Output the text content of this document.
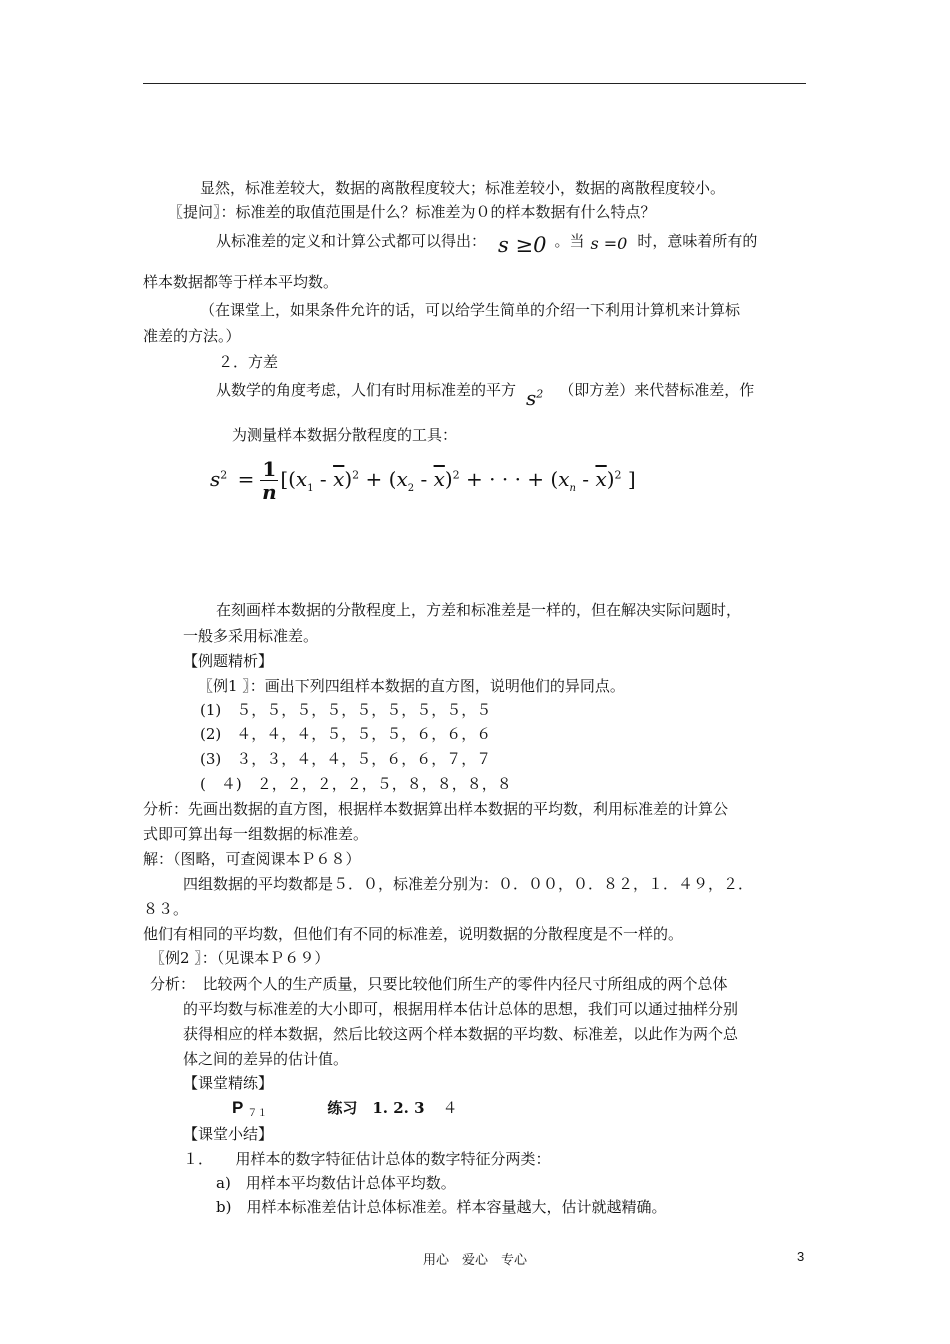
显然，标准差较大，数据的离散程度较大；标准差较小，数据的离散程度较小。
〖提问〗：标准差的取值范围是什么？标准差为０的样本数据有什么特点？
从标准差的定义和计算公式都可以得出： s ≥0 。当 s =0 时，意味着所有的
样本数据都等于样本平均数。
（在课堂上，如果条件允许的话，可以给学生简单的介绍一下利用计算机来计算标
准差的方法。）
２．方差
从数学的角度考虑，人们有时用标准差的平方 $s^2$ （即方差）来代替标准差，作
为测量样本数据分散程度的工具：
$s^2 = \frac{1}{n} [(x_1 - \overline{x})^2 + (x_2 - \overline{x})^2$ + · · · + $(x_n - \overline{x})^2$ ]
在刻画样本数据的分散程度上，方差和标准差是一样的，但在解决实际问题时，
一般多采用标准差。
【例题精析】
〖例1 〗：画出下列四组样本数据的直方图，说明他们的异同点。
(1)　５，５，５，５，５，５，５，５，５
(2)　４，４，４，５，５，５，６，６，６
(3)　３，３，４，４，５，６，６，７，７
(　４)　２，２，２，２，５，８，８，８，８
分析：先画出数据的直方图，根据样本数据算出样本数据的平均数，利用标准差的计算公
式即可算出每一组数据的标准差。
解：（图略，可查阅课本Ｐ６８）
四组数据的平均数都是５．０，标准差分别为：０．００，０．８２，１．４９，２．
８３。
他们有相同的平均数，但他们有不同的标准差，说明数据的分散程度是不一样的。
〖例2 〗：（见课本Ｐ６９）
分析：　比较两个人的生产质量，只要比较他们所生产的零件内径尺寸所组成的两个总体
的平均数与标准差的大小即可，根据用样本估计总体的思想，我们可以通过抽样分别
获得相应的样本数据，然后比较这两个样本数据的平均数、标准差，以此作为两个总
体之间的差异的估计值。
【课堂精练】
P $_{71}$	练习　1. 2. 3 ４
【课堂小结】
１．　　用样本的数字特征估计总体的数字特征分两类：
a)　用样本平均数估计总体平均数。
b)　用样本标准差估计总体标准差。样本容量越大，估计就越精确。
用心　爱心　专心	3
